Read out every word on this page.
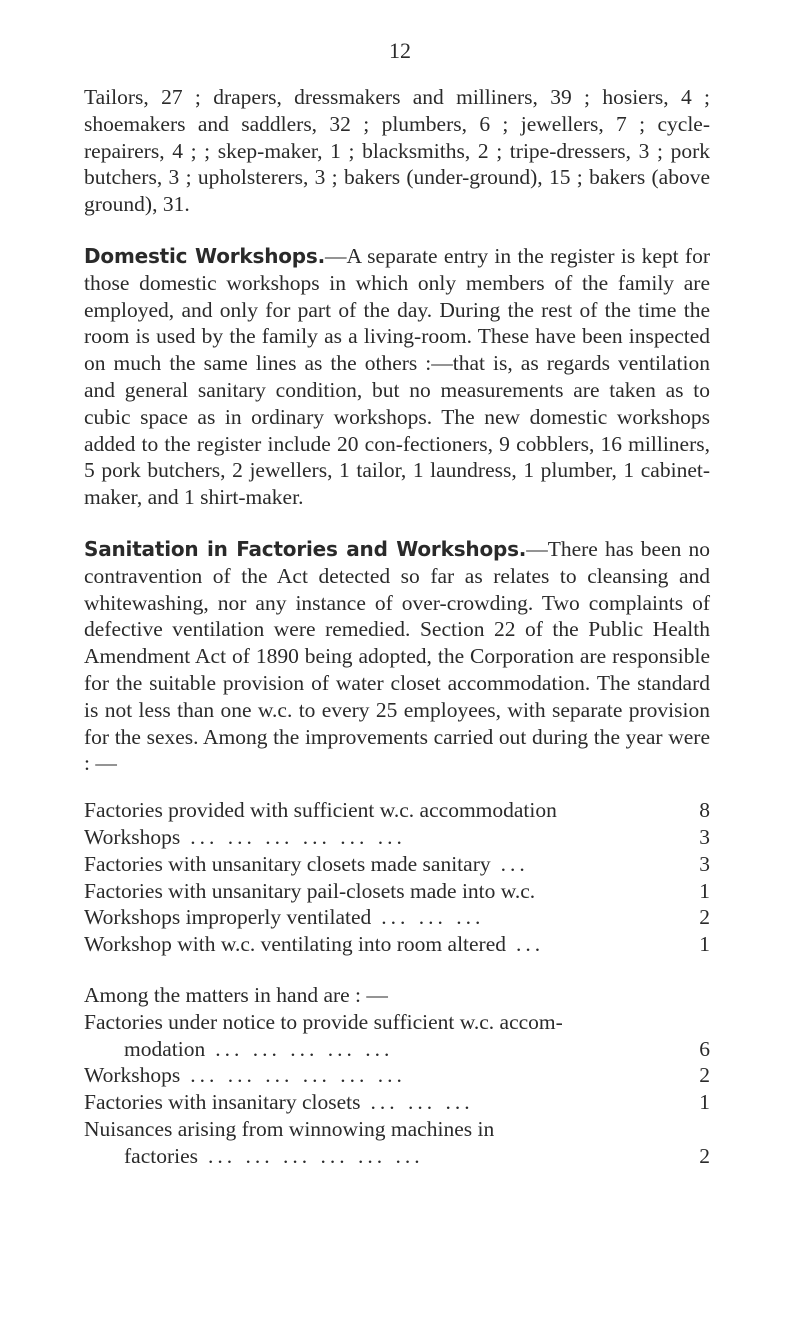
12

Tailors, 27 ; drapers, dressmakers and milliners, 39 ; hosiers, 4 ; shoemakers and saddlers, 32 ; plumbers, 6 ; jewellers, 7 ; cycle-repairers, 4 ; ; skep-maker, 1 ; blacksmiths, 2 ; tripe-dressers, 3 ; pork butchers, 3 ; upholsterers, 3 ; bakers (under-ground), 15 ; bakers (above ground), 31.

Domestic Workshops.—A separate entry in the register is kept for those domestic workshops in which only members of the family are employed, and only for part of the day. During the rest of the time the room is used by the family as a living-room. These have been inspected on much the same lines as the others :—that is, as regards ventilation and general sanitary condition, but no measurements are taken as to cubic space as in ordinary workshops. The new domestic workshops added to the register include 20 con-fectioners, 9 cobblers, 16 milliners, 5 pork butchers, 2 jewellers, 1 tailor, 1 laundress, 1 plumber, 1 cabinet-maker, and 1 shirt-maker.

Sanitation in Factories and Workshops.—There has been no contravention of the Act detected so far as relates to cleansing and whitewashing, nor any instance of over-crowding. Two complaints of defective ventilation were remedied. Section 22 of the Public Health Amendment Act of 1890 being adopted, the Corporation are responsible for the suitable provision of water closet accommodation. The standard is not less than one w.c. to every 25 employees, with separate provision for the sexes. Among the improvements carried out during the year were : —

Factories provided with sufficient w.c. accommodation	8
Workshops ... ... ... ... ... ...	3
Factories with unsanitary closets made sanitary ...	3
Factories with unsanitary pail-closets made into w.c.	1
Workshops improperly ventilated ... ... ...	2
Workshop with w.c. ventilating into room altered ...	1

Among the matters in hand are : —

Factories under notice to provide sufficient w.c. accom-
modation ... ... ... ... ...	6
Workshops ... ... ... ... ... ...	2
Factories with insanitary closets ... ... ...	1
Nuisances arising from winnowing machines in
factories ... ... ... ... ... ...	2
